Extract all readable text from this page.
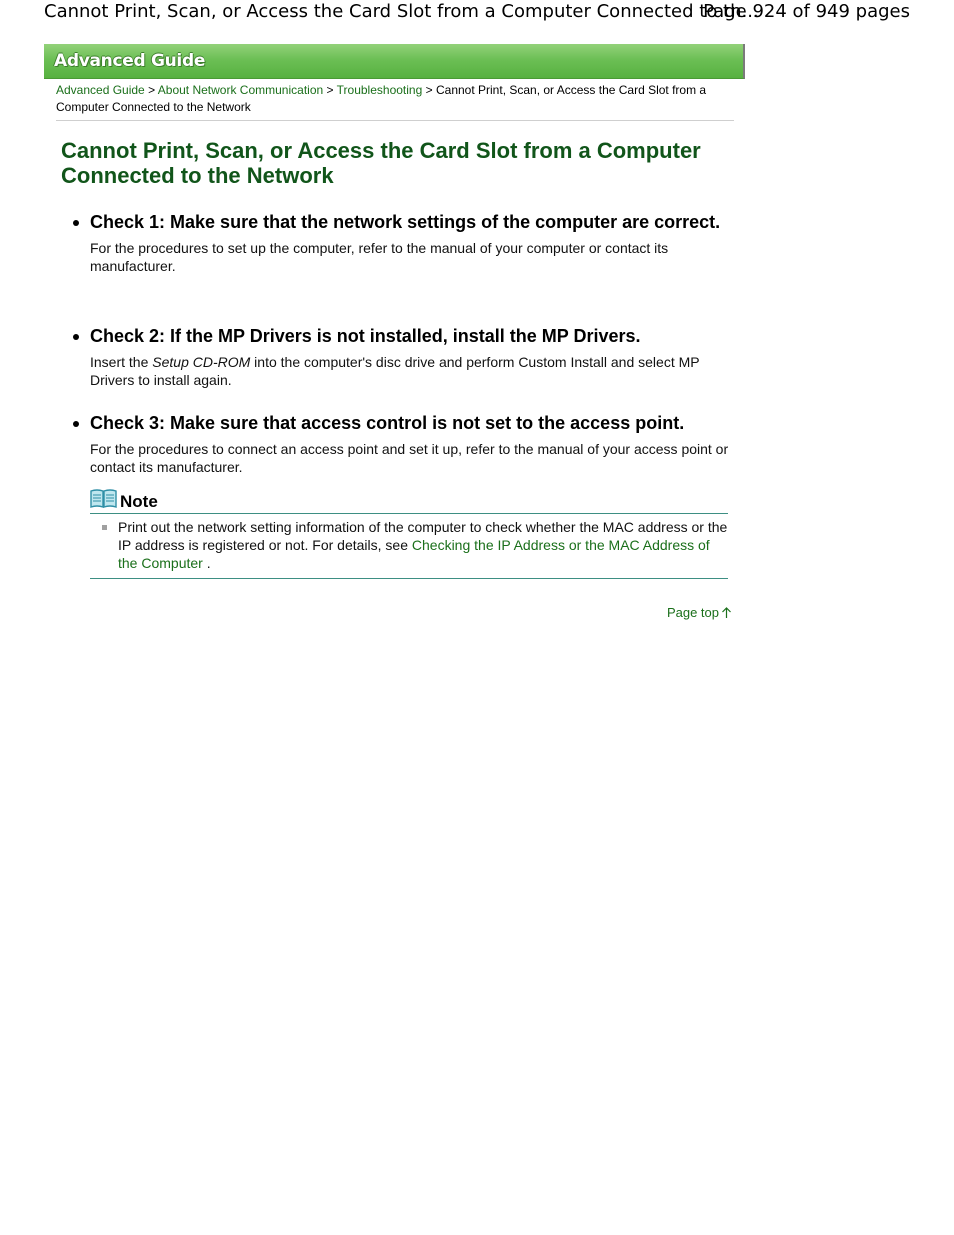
Cannot Print, Scan, or Access the Card Slot from a Computer Connected to th...
Page 924 of 949 pages
Advanced Guide
Advanced Guide > About Network Communication > Troubleshooting > Cannot Print, Scan, or Access the Card Slot from a Computer Connected to the Network
Cannot Print, Scan, or Access the Card Slot from a Computer Connected to the Network
Check 1: Make sure that the network settings of the computer are correct.
For the procedures to set up the computer, refer to the manual of your computer or contact its manufacturer.
Check 2: If the MP Drivers is not installed, install the MP Drivers.
Insert the Setup CD-ROM into the computer's disc drive and perform Custom Install and select MP Drivers to install again.
Check 3: Make sure that access control is not set to the access point.
For the procedures to connect an access point and set it up, refer to the manual of your access point or contact its manufacturer.
Note
Print out the network setting information of the computer to check whether the MAC address or the IP address is registered or not. For details, see Checking the IP Address or the MAC Address of the Computer .
Page top
